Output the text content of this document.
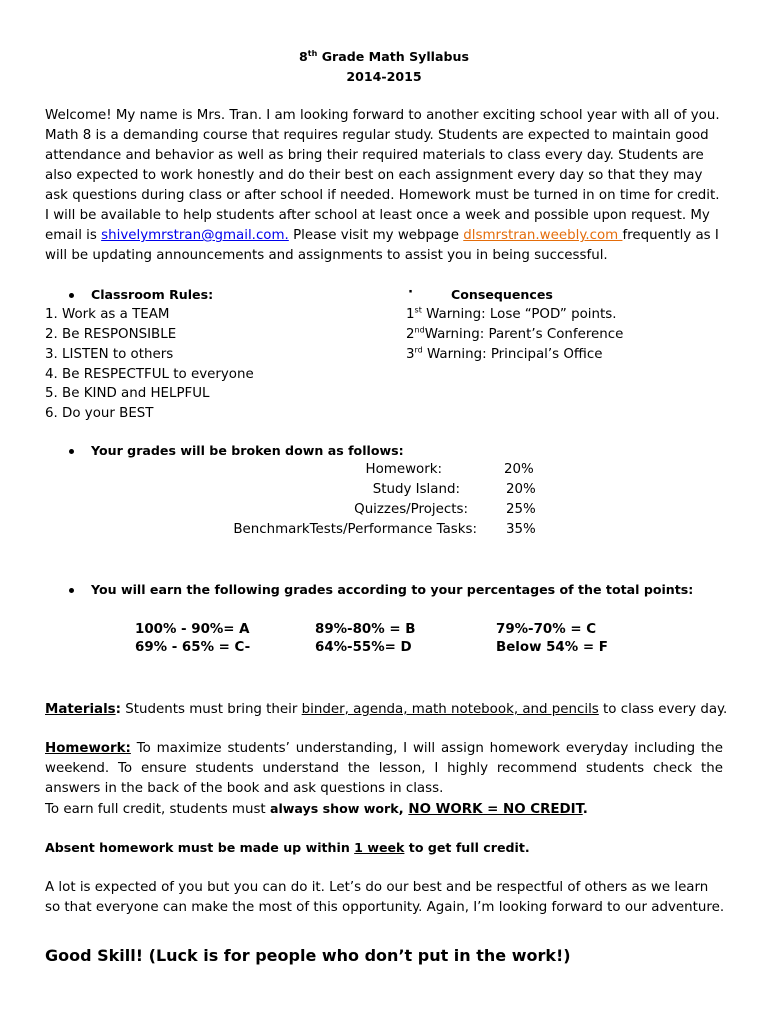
8th Grade Math Syllabus
2014-2015
Welcome! My name is Mrs. Tran. I am looking forward to another exciting school year with all of you. Math 8 is a demanding course that requires regular study. Students are expected to maintain good attendance and behavior as well as bring their required materials to class every day. Students are also expected to work honestly and do their best on each assignment every day so that they may ask questions during class or after school if needed. Homework must be turned in on time for credit. I will be available to help students after school at least once a week and possible upon request. My email is shivelymrstran@gmail.com. Please visit my webpage dlsmrstran.weebly.com frequently as I will be updating announcements and assignments to assist you in being successful.
Classroom Rules:
1. Work as a TEAM
2. Be RESPONSIBLE
3. LISTEN to others
4. Be RESPECTFUL to everyone
5. Be KIND and HELPFUL
6. Do your BEST
·	Consequences
1st Warning: Lose “POD” points.
2ndWarning: Parent’s Conference
3rd Warning: Principal’s Office
Your grades will be broken down as follows:
Homework:	20%
Study Island:	20%
Quizzes/Projects:	25%
BenchmarkTests/Performance Tasks: 35%
You will earn the following grades according to your percentages of the total points:
100% - 90%= A	89%-80% = B	79%-70% = C
69% - 65% = C-	64%-55%= D	Below 54% = F
Materials: Students must bring their binder, agenda, math notebook, and pencils to class every day.
Homework: To maximize students’ understanding, I will assign homework everyday including the weekend. To ensure students understand the lesson, I highly recommend students check the answers in the back of the book and ask questions in class.
To earn full credit, students must always show work, NO WORK = NO CREDIT.
Absent homework must be made up within 1 week to get full credit.
A lot is expected of you but you can do it. Let’s do our best and be respectful of others as we learn so that everyone can make the most of this opportunity. Again, I’m looking forward to our adventure.
Good Skill! (Luck is for people who don’t put in the work!)
